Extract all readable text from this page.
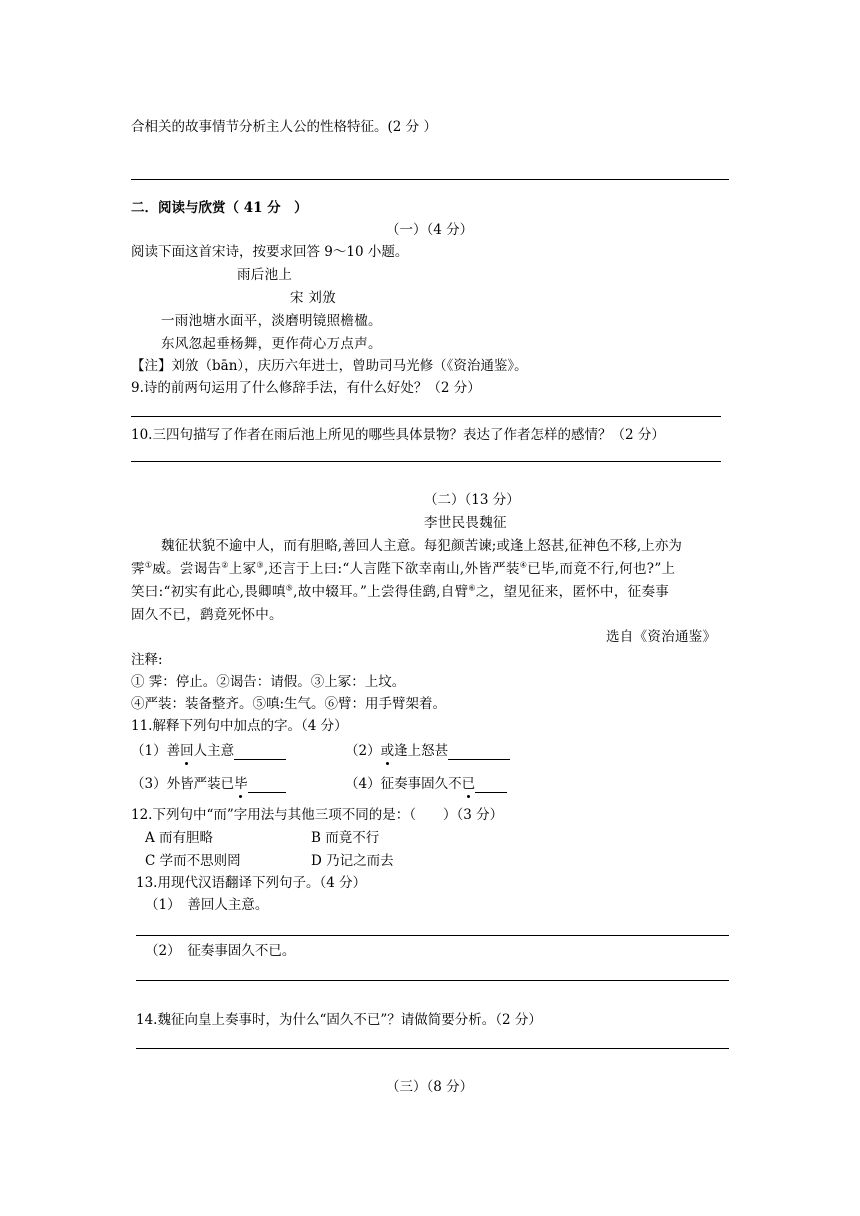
合相关的故事情节分析主人公的性格特征。(2 分 ）
二．阅读与欣赏（ 41 分　）
（一）（4 分）
阅读下面这首宋诗，按要求回答 9～10 小题。
雨后池上
宋 刘攽
一雨池塘水面平，淡磨明镜照檐楹。
东风忽起垂杨舞，更作荷心万点声。
【注】刘攽（bān），庆历六年进士，曾助司马光修（《资治通鉴》。
9.诗的前两句运用了什么修辞手法，有什么好处？（2 分）
10.三四句描写了作者在雨后池上所见的哪些具体景物？表达了作者怎样的感情？（2 分）
（二）（13 分）
李世民畏魏征
魏征状貌不逾中人，而有胆略,善回人主意。每犯颜苦谏;或逢上怒甚,征神色不移,上亦为
霁①威。尝谒告②上冢③,还言于上曰:“人言陛下欲幸南山,外皆严装④已毕,而竟不行,何也?”上
笑曰:“初实有此心,畏卿嗔⑤,故中辍耳。”上尝得佳鹞,自臂⑥之，望见征来，匿怀中，征奏事
固久不已，鹞竟死怀中。
选自《资治通鉴》
注释:
① 霁：停止。②谒告：请假。③上冢：上坟。
④严装：装备整齐。⑤嗔:生气。⑥臂：用手臂架着。
11.解释下列句中加点的字。（4 分）
（1）善回人主意	（2）或逢上怒甚
（3）外皆严装已毕	（4）征奏事固久不已
12.下列句中“而”字用法与其他三项不同的是：（　　）（3 分）
A 而有胆略	B 而竟不行
C 学而不思则罔	D 乃记之而去
13.用现代汉语翻译下列句子。（4 分）
（1）　善回人主意。
（2）　征奏事固久不已。
14.魏征向皇上奏事时，为什么“固久不已”？请做简要分析。（2 分）
（三）（8 分）
